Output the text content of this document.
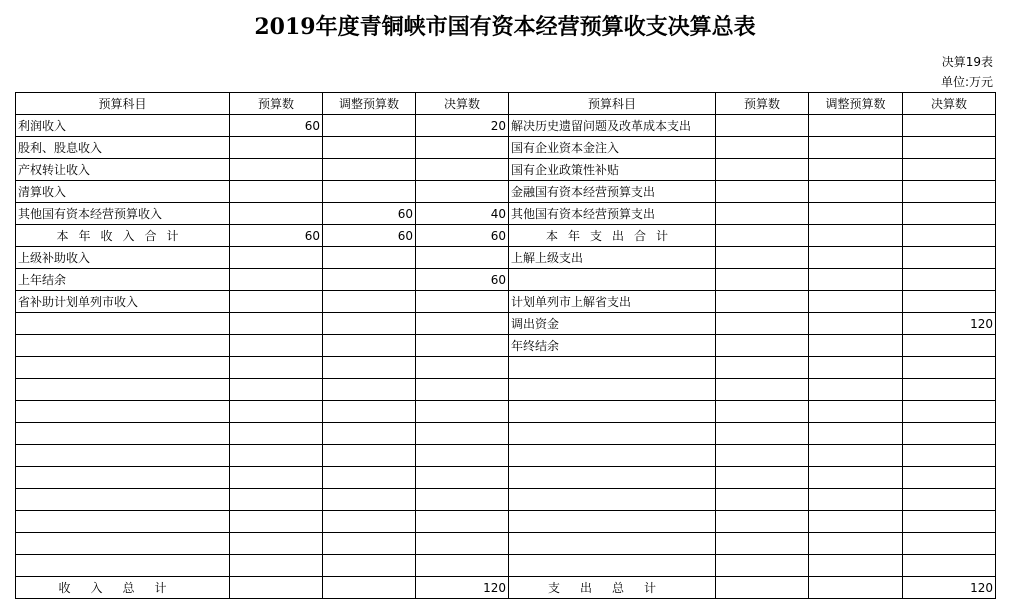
2019年度青铜峡市国有资本经营预算收支决算总表
决算19表
单位:万元
预算科目	预算数	调整预算数	决算数	预算科目	预算数	调整预算数	决算数
利润收入	60		20	解决历史遗留问题及改革成本支出			
股利、股息收入				国有企业资本金注入			
产权转让收入				国有企业政策性补贴			
清算收入				金融国有资本经营预算支出			
其他国有资本经营预算收入		60	40	其他国有资本经营预算支出			
本年收入合计	60	60	60	本年支出合计			
上级补助收入				上解上级支出			
上年结余			60				
省补助计划单列市收入				计划单列市上解省支出			
				调出资金			120
				年终结余			

收入总计			120	支出总计			120
